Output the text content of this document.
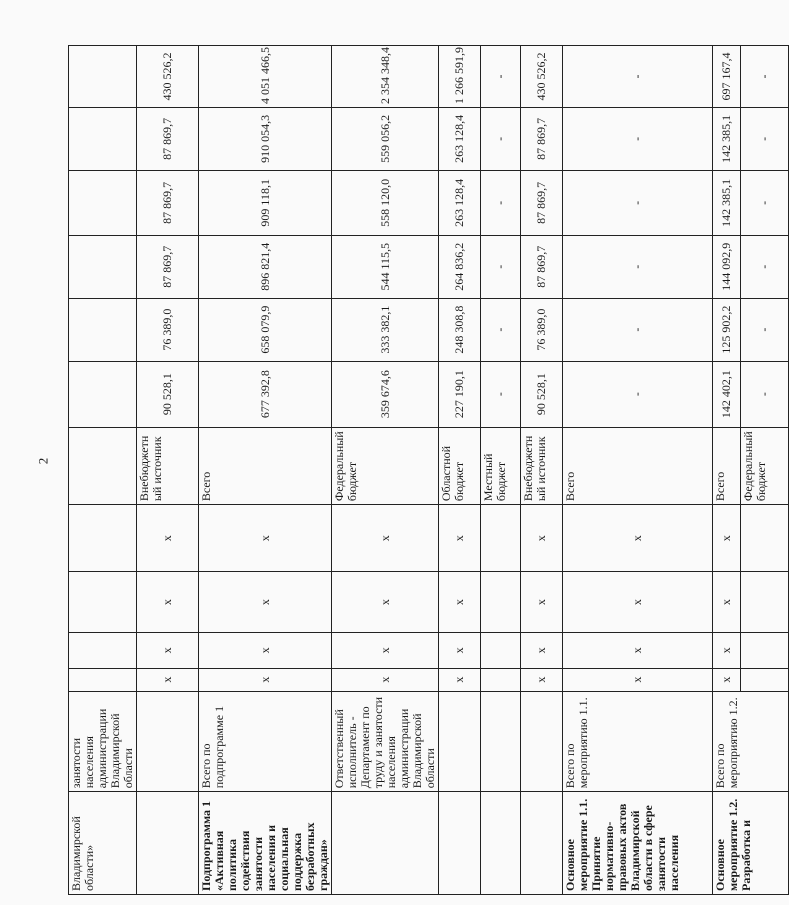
2
Владимирской области»	занятости населения администрации Владимирской области											
		х	х	х	х	Внебюджетный источник	90 528,1	76 389,0	87 869,7	87 869,7	87 869,7	430 526,2
Подпрограмма 1 «Активная политика содействия занятости населения и социальная поддержка безработных граждан»	Всего по подпрограмме 1	х	х	х	х	Всего	677 392,8	658 079,9	896 821,4	909 118,1	910 054,3	4 051 466,5
	Ответственный исполнитель - Департамент по труду и занятости населения администрации Владимирской области	х	х	х	х	Федеральный бюджет	359 674,6	333 382,1	544 115,5	558 120,0	559 056,2	2 354 348,4
		х	х	х	х	Областной бюджет	227 190,1	248 308,8	264 836,2	263 128,4	263 128,4	1 266 591,9
						Местный бюджет	-	-	-	-	-	-
		х	х	х	х	Внебюджетный источник	90 528,1	76 389,0	87 869,7	87 869,7	87 869,7	430 526,2
Основное мероприятие 1.1. Принятие нормативно-правовых актов Владимирской области в сфере занятости населения	Всего по мероприятию 1.1.	х	х	х	х	Всего	-	-	-	-	-	-
Основное мероприятие 1.2. Разработка и	Всего по мероприятию 1.2.	х	х	х	х	Всего	142 402,1	125 902,2	144 092,9	142 385,1	142 385,1	697 167,4
						Федеральный бюджет	-	-	-	-	-	-
